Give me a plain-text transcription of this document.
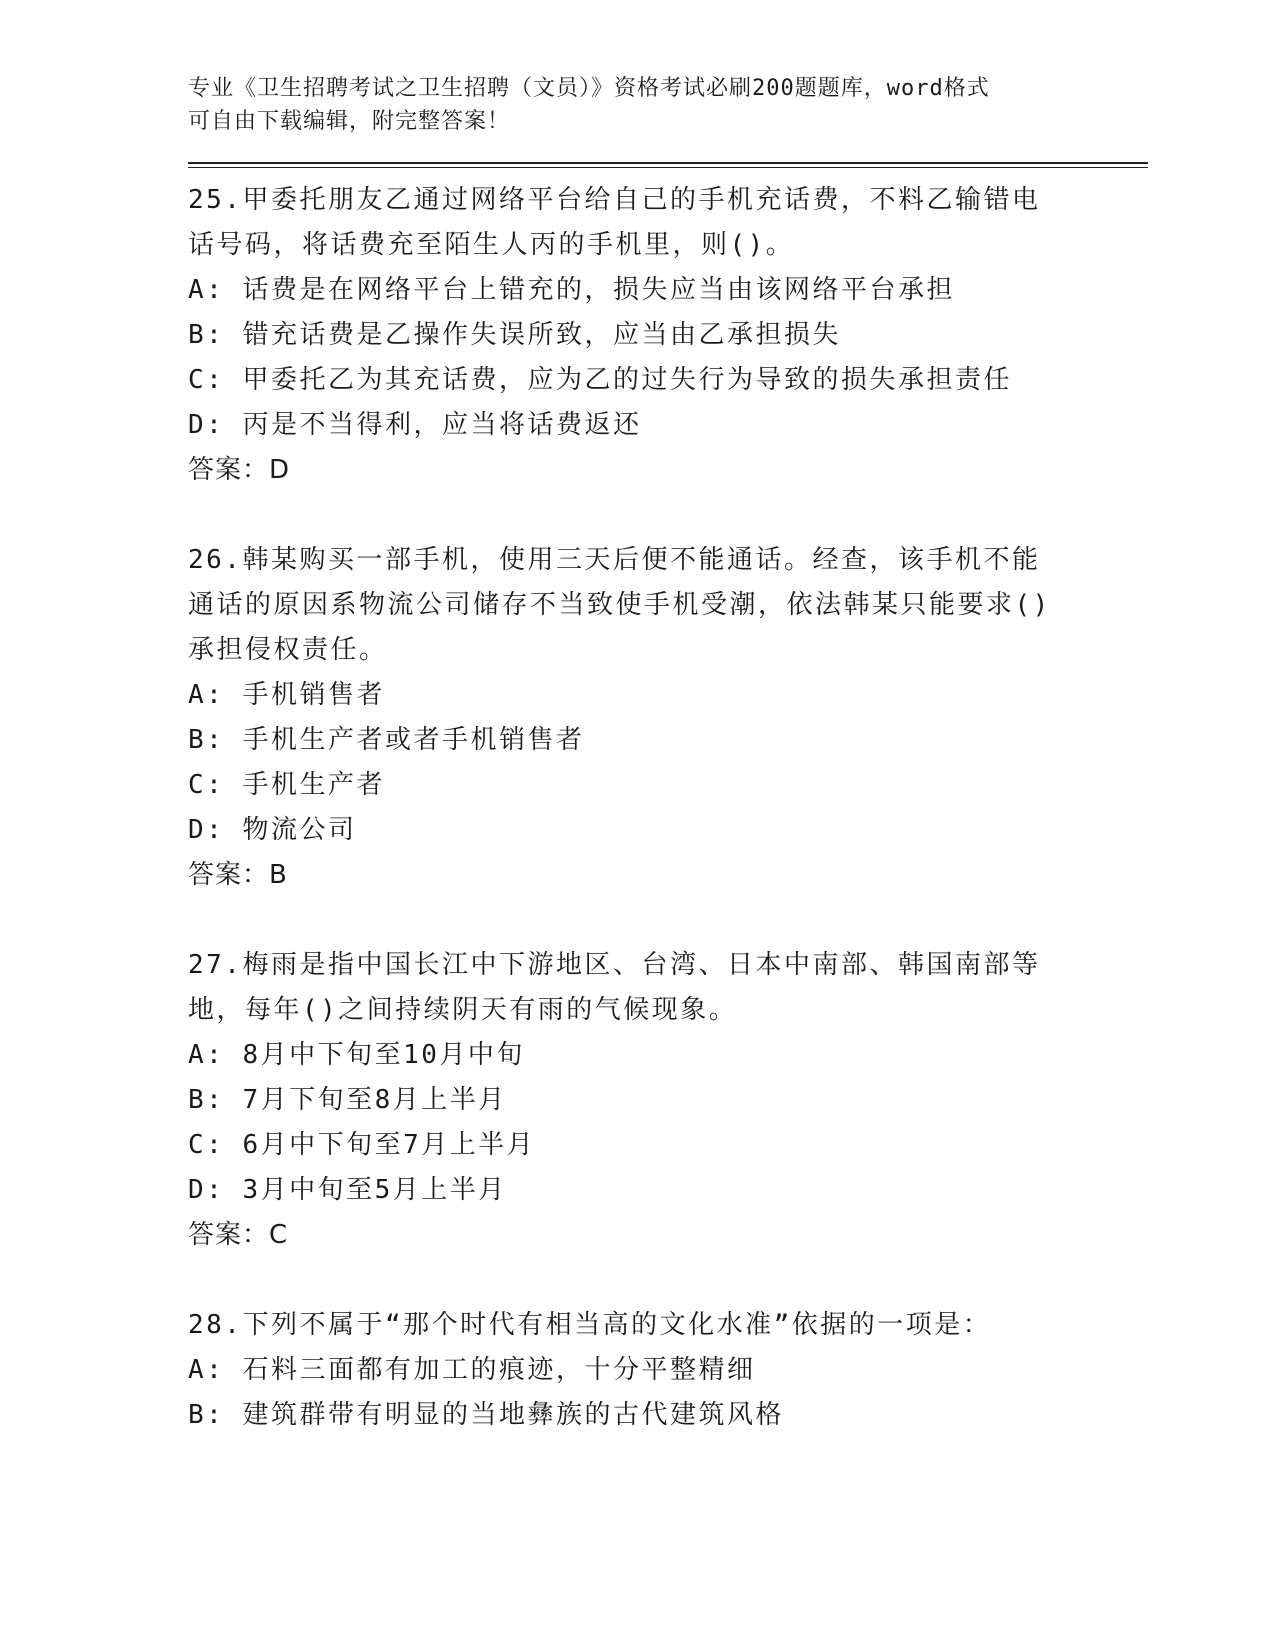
专业《卫生招聘考试之卫生招聘（文员）》资格考试必刷200题题库，word格式
可自由下载编辑，附完整答案！
25.甲委托朋友乙通过网络平台给自己的手机充话费，不料乙输错电话号码，将话费充至陌生人丙的手机里，则()。
A: 话费是在网络平台上错充的，损失应当由该网络平台承担
B: 错充话费是乙操作失误所致，应当由乙承担损失
C: 甲委托乙为其充话费，应为乙的过失行为导致的损失承担责任
D: 丙是不当得利，应当将话费返还
答案：D
26.韩某购买一部手机，使用三天后便不能通话。经查，该手机不能通话的原因系物流公司储存不当致使手机受潮，依法韩某只能要求()承担侵权责任。
A: 手机销售者
B: 手机生产者或者手机销售者
C: 手机生产者
D: 物流公司
答案：B
27.梅雨是指中国长江中下游地区、台湾、日本中南部、韩国南部等地，每年()之间持续阴天有雨的气候现象。
A: 8月中下旬至10月中旬
B: 7月下旬至8月上半月
C: 6月中下旬至7月上半月
D: 3月中旬至5月上半月
答案：C
28.下列不属于“那个时代有相当高的文化水准”依据的一项是：
A: 石料三面都有加工的痕迹，十分平整精细
B: 建筑群带有明显的当地彝族的古代建筑风格
